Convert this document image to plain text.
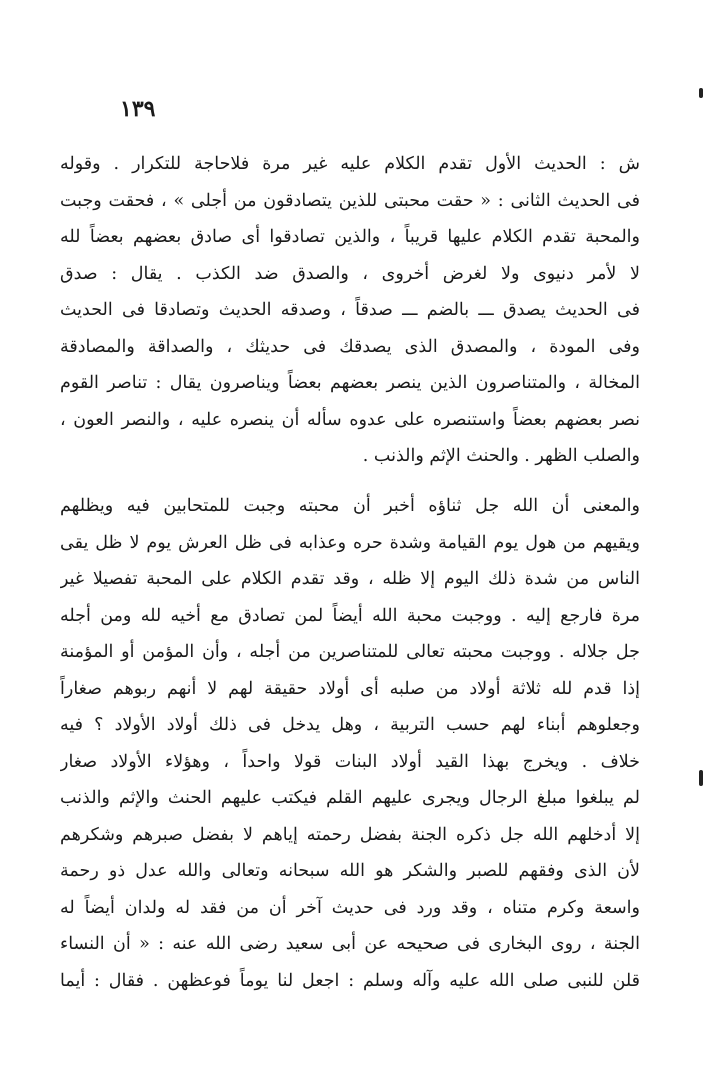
١٣٩
ش : الحديث الأول تقدم الكلام عليه غير مرة فلاحاجة للتكرار . وقوله
فى الحديث الثانى : « حقت محبتى للذين يتصادقون من أجلى » ، فحقت وجبت
والمحبة تقدم الكلام عليها قريباً ، والذين تصادقوا أى صادق بعضهم بعضاً لله
لا لأمر دنيوى ولا لغرض أخروى ، والصدق ضد الكذب . يقال : صدق
فى الحديث يصدق ـــ بالضم ـــ صدقاً ، وصدقه الحديث وتصادقا فى الحديث
وفى المودة ، والمصدق الذى يصدقك فى حديثك ، والصداقة والمصادقة
المخالة ، والمتناصرون الذين ينصر بعضهم بعضاً ويناصرون يقال : تناصر القوم
نصر بعضهم بعضاً واستنصره على عدوه سأله أن ينصره عليه ، والنصر العون ،
والصلب الظهر . والحنث الإثم والذنب .
والمعنى أن الله جل ثناؤه أخبر أن محبته وجبت للمتحابين فيه ويظلهم
ويقيهم من هول يوم القيامة وشدة حره وعذابه فى ظل العرش يوم لا ظل يقى
الناس من شدة ذلك اليوم إلا ظله ، وقد تقدم الكلام على المحبة تفصيلا غير
مرة فارجع إليه . ووجبت محبة الله أيضاً لمن تصادق مع أخيه لله ومن أجله
جل جلاله . ووجبت محبته تعالى للمتناصرين من أجله ، وأن المؤمن أو المؤمنة
إذا قدم لله ثلاثة أولاد من صلبه أى أولاد حقيقة لهم لا أنهم ربوهم صغاراً
وجعلوهم أبناء لهم حسب التربية ، وهل يدخل فى ذلك أولاد الأولاد ؟ فيه
خلاف . ويخرج بهذا القيد أولاد البنات قولا واحداً ، وهؤلاء الأولاد صغار
لم يبلغوا مبلغ الرجال ويجرى عليهم القلم فيكتب عليهم الحنث والإثم والذنب
إلا أدخلهم الله جل ذكره الجنة بفضل رحمته إياهم لا بفضل صبرهم وشكرهم
لأن الذى وفقهم للصبر والشكر هو الله سبحانه وتعالى والله عدل ذو رحمة
واسعة وكرم متناه ، وقد ورد فى حديث آخر أن من فقد له ولدان أيضاً له
الجنة ، روى البخارى فى صحيحه عن أبى سعيد رضى الله عنه : « أن النساء
قلن للنبى صلى الله عليه وآله وسلم : اجعل لنا يوماً فوعظهن . فقال : أيما
